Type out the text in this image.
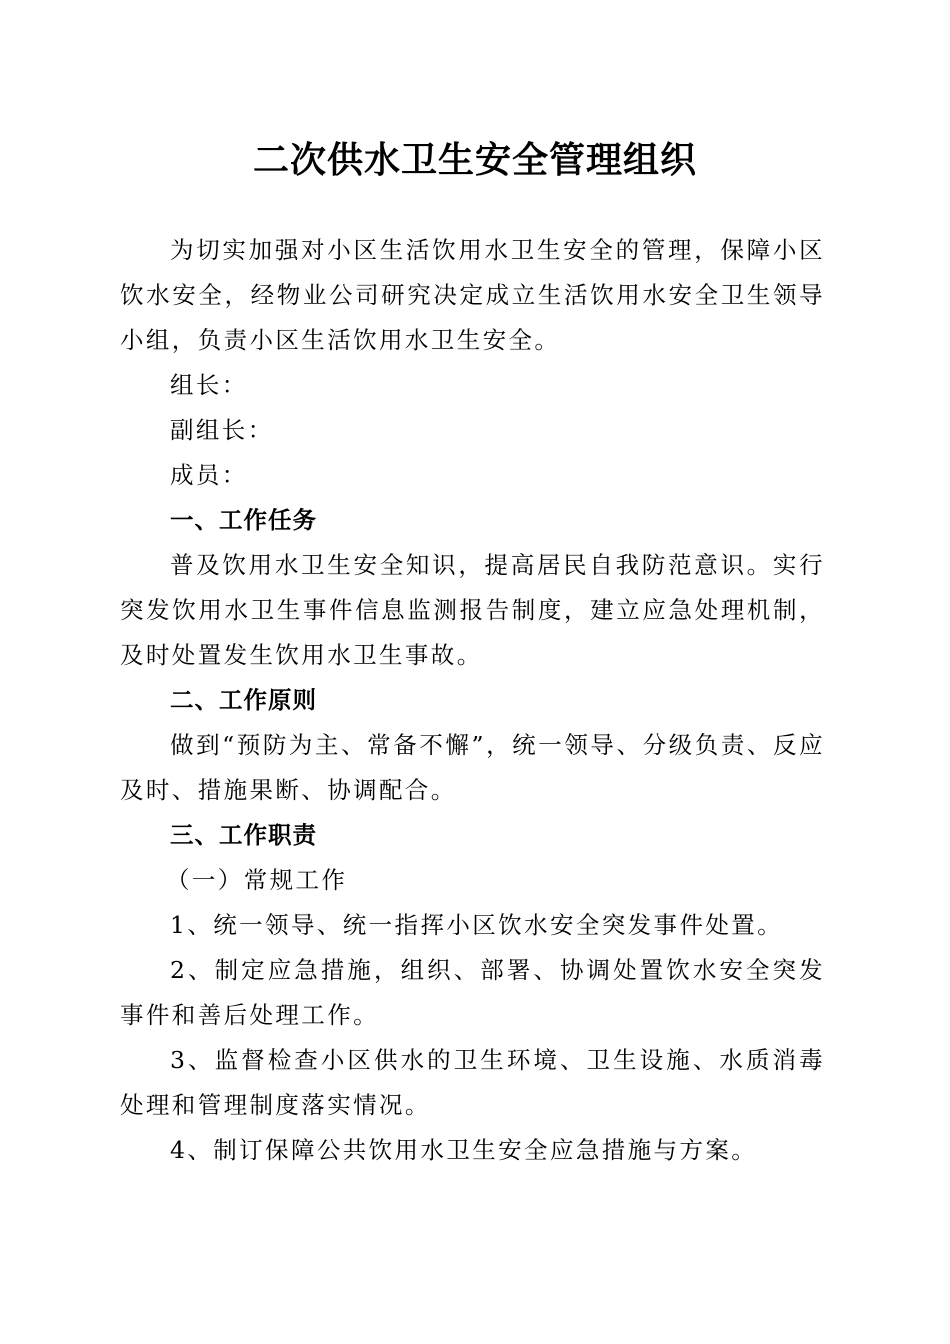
二次供水卫生安全管理组织

为切实加强对小区生活饮用水卫生安全的管理，保障小区饮水安全，经物业公司研究决定成立生活饮用水安全卫生领导小组，负责小区生活饮用水卫生安全。

组长：

副组长：

成员：

一、工作任务

普及饮用水卫生安全知识，提高居民自我防范意识。实行突发饮用水卫生事件信息监测报告制度，建立应急处理机制，及时处置发生饮用水卫生事故。

二、工作原则

做到“预防为主、常备不懈”，统一领导、分级负责、反应及时、措施果断、协调配合。

三、工作职责

（一）常规工作

1、统一领导、统一指挥小区饮水安全突发事件处置。

2、制定应急措施，组织、部署、协调处置饮水安全突发事件和善后处理工作。

3、监督检查小区供水的卫生环境、卫生设施、水质消毒处理和管理制度落实情况。

4、制订保障公共饮用水卫生安全应急措施与方案。
